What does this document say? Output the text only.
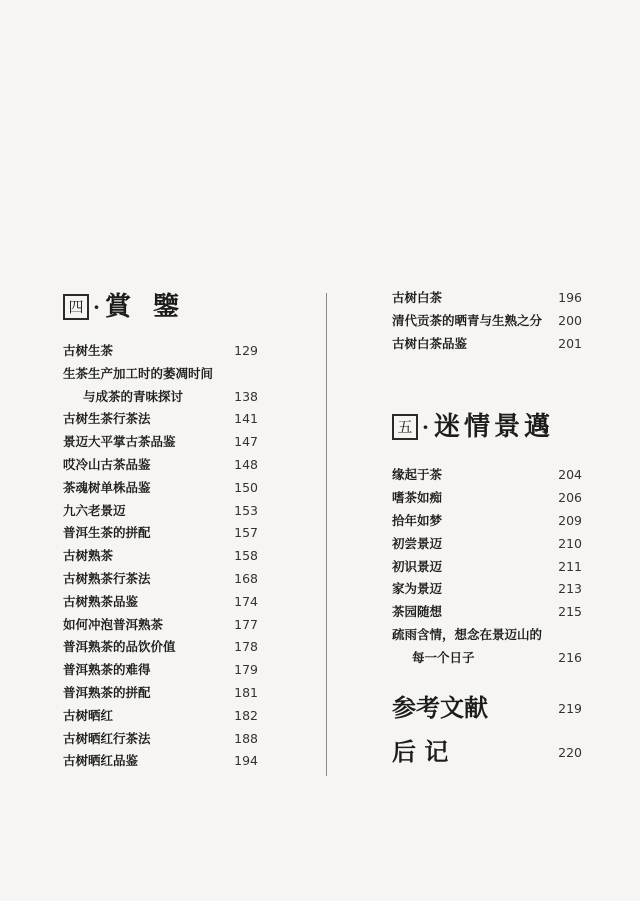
四 · 賞鑒
古树生茶	129
生茶生产加工时的萎凋时间
与成茶的青味探讨	138
古树生茶行茶法	141
景迈大平掌古茶品鉴	147
哎冷山古茶品鉴	148
茶魂树单株品鉴	150
九六老景迈	153
普洱生茶的拼配	157
古树熟茶	158
古树熟茶行茶法	168
古树熟茶品鉴	174
如何冲泡普洱熟茶	177
普洱熟茶的品饮价值	178
普洱熟茶的难得	179
普洱熟茶的拼配	181
古树晒红	182
古树晒红行茶法	188
古树晒红品鉴	194
古树白茶	196
清代贡茶的晒青与生熟之分 200
古树白茶品鉴	201
五 · 迷情景邁
缘起于茶	204
嗜茶如痴	206
拾年如梦	209
初尝景迈	210
初识景迈	211
家为景迈	213
茶园随想	215
疏雨含情，想念在景迈山的
每一个日子	216
参考文献	219
后 记	220
